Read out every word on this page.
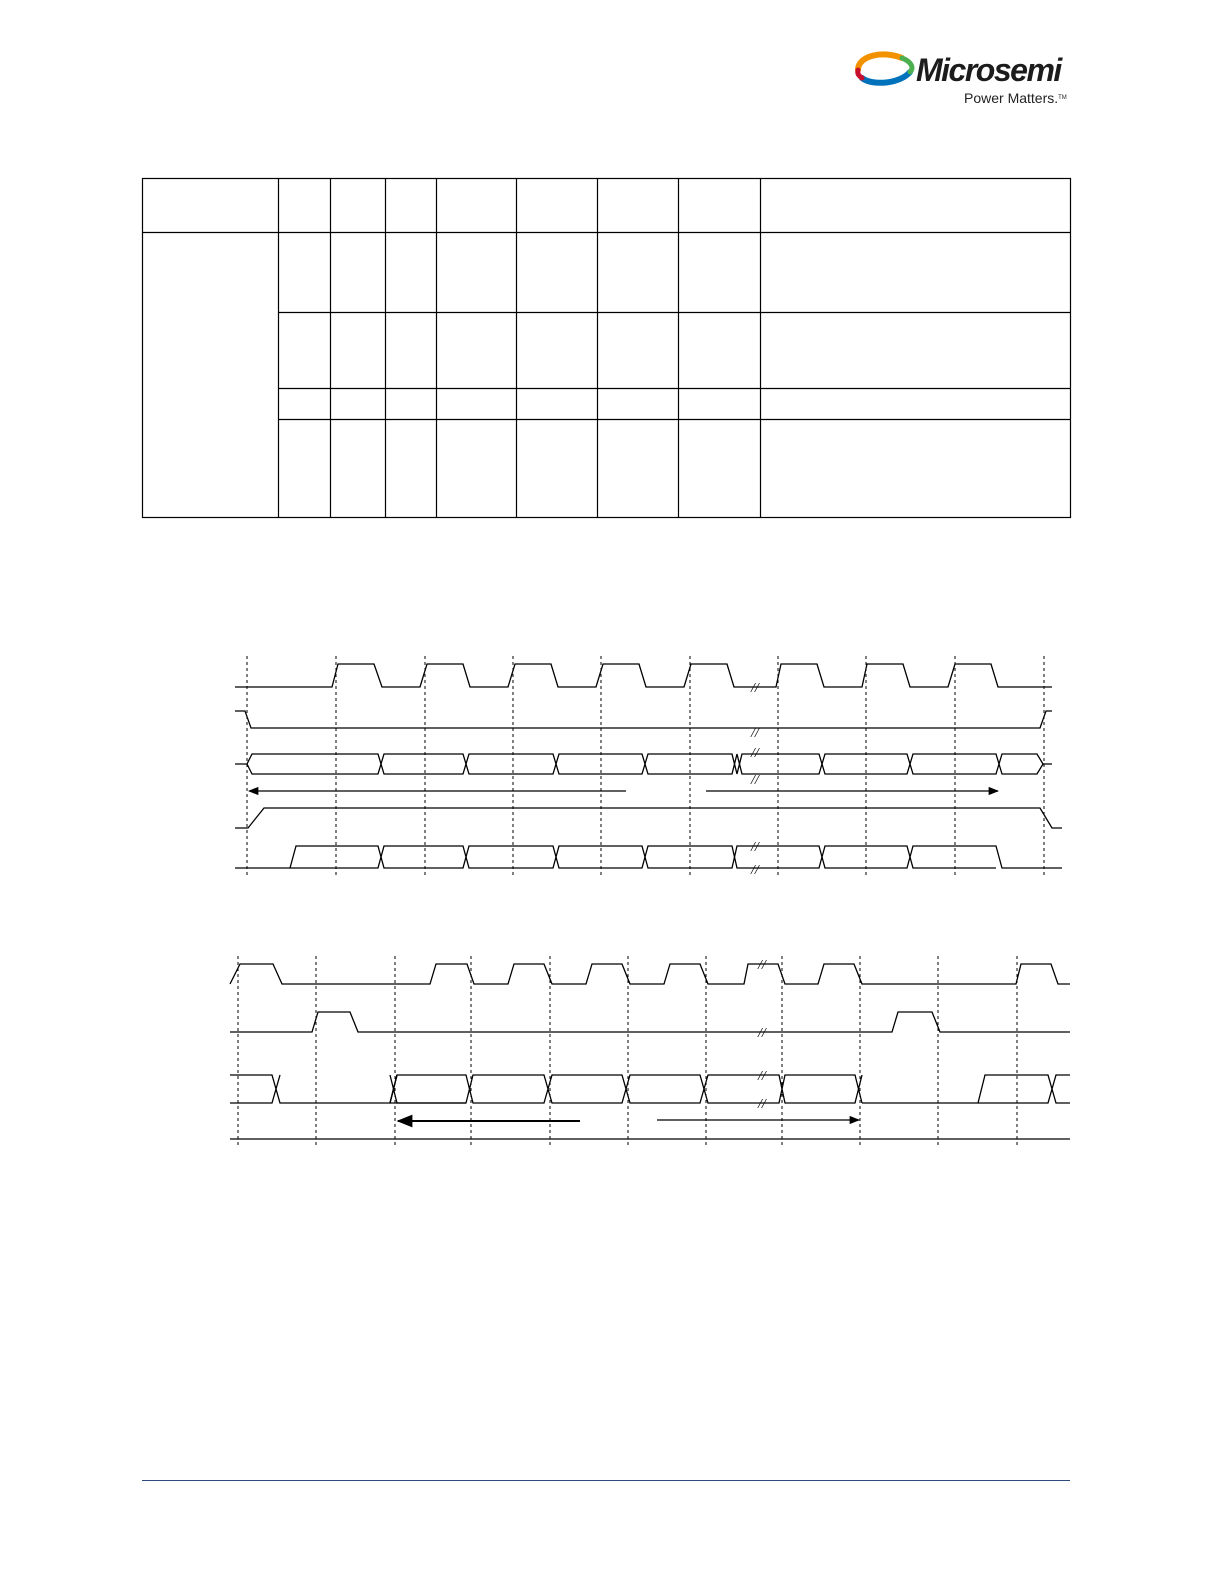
Microsemi
Power Matters.™
//
//
//
//
//
//
//
//
//
//
